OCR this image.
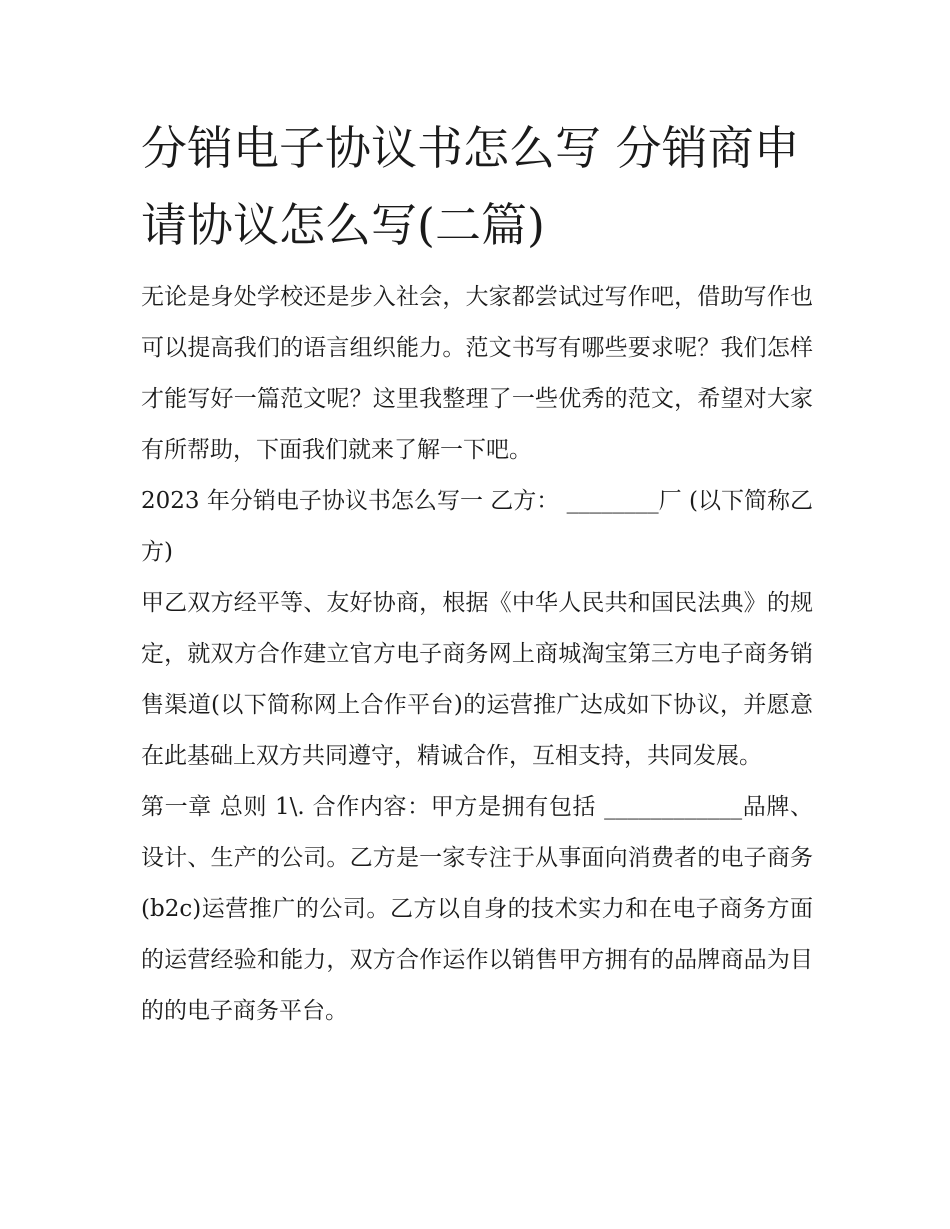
分销电子协议书怎么写 分销商申请协议怎么写(二篇)

无论是身处学校还是步入社会，大家都尝试过写作吧，借助写作也可以提高我们的语言组织能力。范文书写有哪些要求呢？我们怎样才能写好一篇范文呢？这里我整理了一些优秀的范文，希望对大家有所帮助，下面我们就来了解一下吧。

2023 年分销电子协议书怎么写一 乙方： ________厂 (以下简称乙方)

甲乙双方经平等、友好协商，根据《中华人民共和国民法典》的规定，就双方合作建立官方电子商务网上商城淘宝第三方电子商务销售渠道(以下简称网上合作平台)的运营推广达成如下协议，并愿意在此基础上双方共同遵守，精诚合作，互相支持，共同发展。

第一章 总则 1\. 合作内容：甲方是拥有包括 ____________品牌、设计、生产的公司。乙方是一家专注于从事面向消费者的电子商务(b2c)运营推广的公司。乙方以自身的技术实力和在电子商务方面的运营经验和能力，双方合作运作以销售甲方拥有的品牌商品为目的的电子商务平台。
